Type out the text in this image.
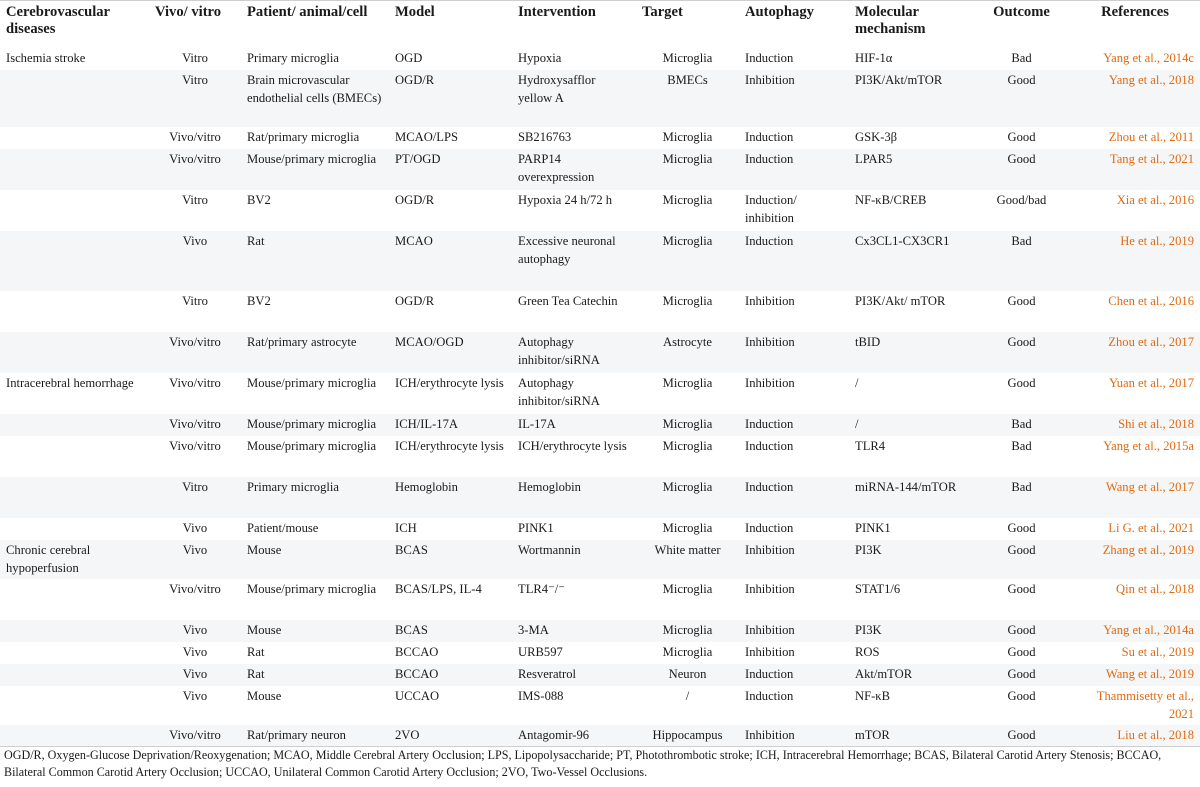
Cerebrovascular diseases	Vivo/ vitro	Patient/ animal/cell	Model	Intervention	Target	Autophagy	Molecular mechanism	Outcome	References
Ischemia stroke	Vitro	Primary microglia	OGD	Hypoxia	Microglia	Induction	HIF-1α	Bad	Yang et al., 2014c
	Vitro	Brain microvascular endothelial cells (BMECs)	OGD/R	Hydroxysafflor yellow A	BMECs	Inhibition	PI3K/Akt/mTOR	Good	Yang et al., 2018
	Vivo/vitro	Rat/primary microglia	MCAO/LPS	SB216763	Microglia	Induction	GSK-3β	Good	Zhou et al., 2011
	Vivo/vitro	Mouse/primary microglia	PT/OGD	PARP14 overexpression	Microglia	Induction	LPAR5	Good	Tang et al., 2021
	Vitro	BV2	OGD/R	Hypoxia 24 h/72 h	Microglia	Induction/ inhibition	NF-κB/CREB	Good/bad	Xia et al., 2016
	Vivo	Rat	MCAO	Excessive neuronal autophagy	Microglia	Induction	Cx3CL1-CX3CR1	Bad	He et al., 2019
	Vitro	BV2	OGD/R	Green Tea Catechin	Microglia	Inhibition	PI3K/Akt/ mTOR	Good	Chen et al., 2016
	Vivo/vitro	Rat/primary astrocyte	MCAO/OGD	Autophagy inhibitor/siRNA	Astrocyte	Inhibition	tBID	Good	Zhou et al., 2017
Intracerebral hemorrhage	Vivo/vitro	Mouse/primary microglia	ICH/erythrocyte lysis	Autophagy inhibitor/siRNA	Microglia	Inhibition	/	Good	Yuan et al., 2017
	Vivo/vitro	Mouse/primary microglia	ICH/IL-17A	IL-17A	Microglia	Induction	/	Bad	Shi et al., 2018
	Vivo/vitro	Mouse/primary microglia	ICH/erythrocyte lysis	ICH/erythrocyte lysis	Microglia	Induction	TLR4	Bad	Yang et al., 2015a
	Vitro	Primary microglia	Hemoglobin	Hemoglobin	Microglia	Induction	miRNA-144/mTOR	Bad	Wang et al., 2017
	Vivo	Patient/mouse	ICH	PINK1	Microglia	Induction	PINK1	Good	Li G. et al., 2021
Chronic cerebral hypoperfusion	Vivo	Mouse	BCAS	Wortmannin	White matter	Inhibition	PI3K	Good	Zhang et al., 2019
	Vivo/vitro	Mouse/primary microglia	BCAS/LPS, IL-4	TLR4⁻/⁻	Microglia	Inhibition	STAT1/6	Good	Qin et al., 2018
	Vivo	Mouse	BCAS	3-MA	Microglia	Inhibition	PI3K	Good	Yang et al., 2014a
	Vivo	Rat	BCCAO	URB597	Microglia	Inhibition	ROS	Good	Su et al., 2019
	Vivo	Rat	BCCAO	Resveratrol	Neuron	Induction	Akt/mTOR	Good	Wang et al., 2019
	Vivo	Mouse	UCCAO	IMS-088	/	Induction	NF-κB	Good	Thammisetty et al., 2021
	Vivo/vitro	Rat/primary neuron	2VO	Antagomir-96	Hippocampus	Inhibition	mTOR	Good	Liu et al., 2018
OGD/R, Oxygen-Glucose Deprivation/Reoxygenation; MCAO, Middle Cerebral Artery Occlusion; LPS, Lipopolysaccharide; PT, Photothrombotic stroke; ICH, Intracerebral Hemorrhage; BCAS, Bilateral Carotid Artery Stenosis; BCCAO, Bilateral Common Carotid Artery Occlusion; UCCAO, Unilateral Common Carotid Artery Occlusion; 2VO, Two-Vessel Occlusions.
